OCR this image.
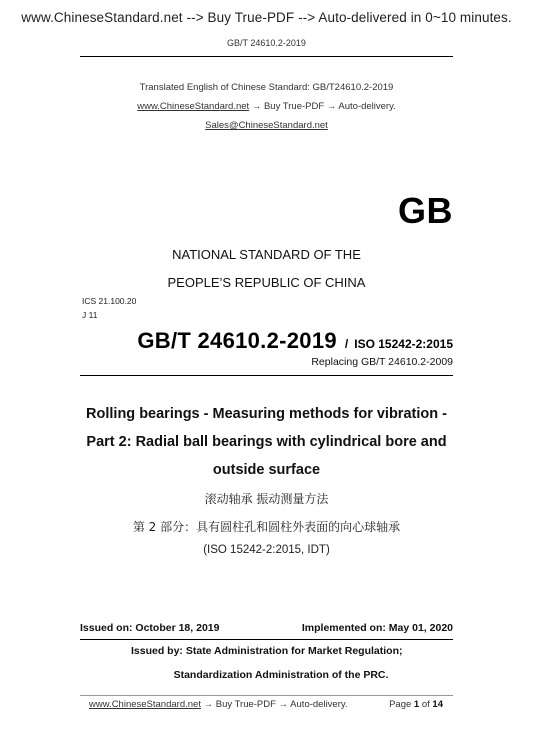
www.ChineseStandard.net --> Buy True-PDF --> Auto-delivered in 0~10 minutes.
GB/T 24610.2-2019
Translated English of Chinese Standard: GB/T24610.2-2019
www.ChineseStandard.net → Buy True-PDF → Auto-delivery.
Sales@ChineseStandard.net
GB
NATIONAL STANDARD OF THE
PEOPLE’S REPUBLIC OF CHINA
ICS 21.100.20
J 11
GB/T 24610.2-2019 / ISO 15242-2:2015
Replacing GB/T 24610.2-2009
Rolling bearings - Measuring methods for vibration -
Part 2: Radial ball bearings with cylindrical bore and
outside surface
滚动轴承 振动测量方法
第 2 部分：具有圆柱孔和圆柱外表面的向心球轴承
(ISO 15242-2:2015, IDT)
Issued on: October 18, 2019	Implemented on: May 01, 2020
Issued by: State Administration for Market Regulation;
Standardization Administration of the PRC.
www.ChineseStandard.net → Buy True-PDF → Auto-delivery.	Page 1 of 14
